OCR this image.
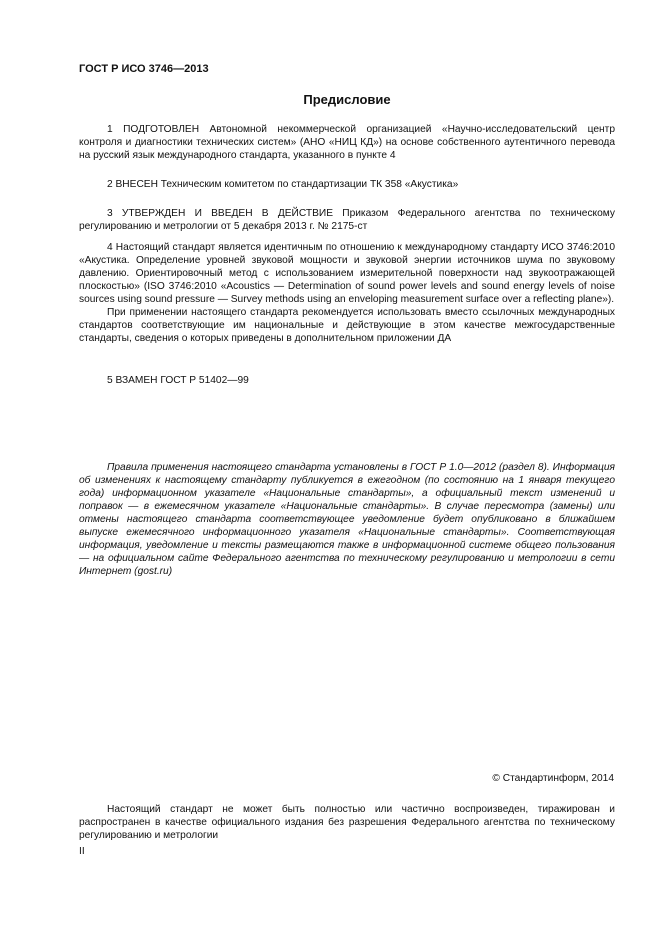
ГОСТ Р ИСО 3746—2013
Предисловие

1 ПОДГОТОВЛЕН Автономной некоммерческой организацией «Научно-исследовательский центр контроля и диагностики технических систем» (АНО «НИЦ КД») на основе собственного аутентичного перевода на русский язык международного стандарта, указанного в пункте 4

2 ВНЕСЕН Техническим комитетом по стандартизации ТК 358 «Акустика»

3 УТВЕРЖДЕН И ВВЕДЕН В ДЕЙСТВИЕ Приказом Федерального агентства по техническому регулированию и метрологии от 5 декабря 2013 г. № 2175-ст

4 Настоящий стандарт является идентичным по отношению к международному стандарту ИСО 3746:2010 «Акустика. Определение уровней звуковой мощности и звуковой энергии источников шума по звуковому давлению. Ориентировочный метод с использованием измерительной поверхности над звукоотражающей плоскостью» (ISO 3746:2010 «Acoustics — Determination of sound power levels and sound energy levels of noise sources using sound pressure — Survey methods using an enveloping measurement surface over a reflecting plane»).

При применении настоящего стандарта рекомендуется использовать вместо ссылочных международных стандартов соответствующие им национальные и действующие в этом качестве межгосударственные стандарты, сведения о которых приведены в дополнительном приложении ДА

5 ВЗАМЕН ГОСТ Р 51402—99

Правила применения настоящего стандарта установлены в ГОСТ Р 1.0—2012 (раздел 8). Информация об изменениях к настоящему стандарту публикуется в ежегодном (по состоянию на 1 января текущего года) информационном указателе «Национальные стандарты», а официальный текст изменений и поправок — в ежемесячном указателе «Национальные стандарты». В случае пересмотра (замены) или отмены настоящего стандарта соответствующее уведомление будет опубликовано в ближайшем выпуске ежемесячного информационного указателя «Национальные стандарты». Соответствующая информация, уведомление и тексты размещаются также в информационной системе общего пользования — на официальном сайте Федерального агентства по техническому регулированию и метрологии в сети Интернет (gost.ru)

© Стандартинформ, 2014

Настоящий стандарт не может быть полностью или частично воспроизведен, тиражирован и распространен в качестве официального издания без разрешения Федерального агентства по техническому регулированию и метрологии

II
